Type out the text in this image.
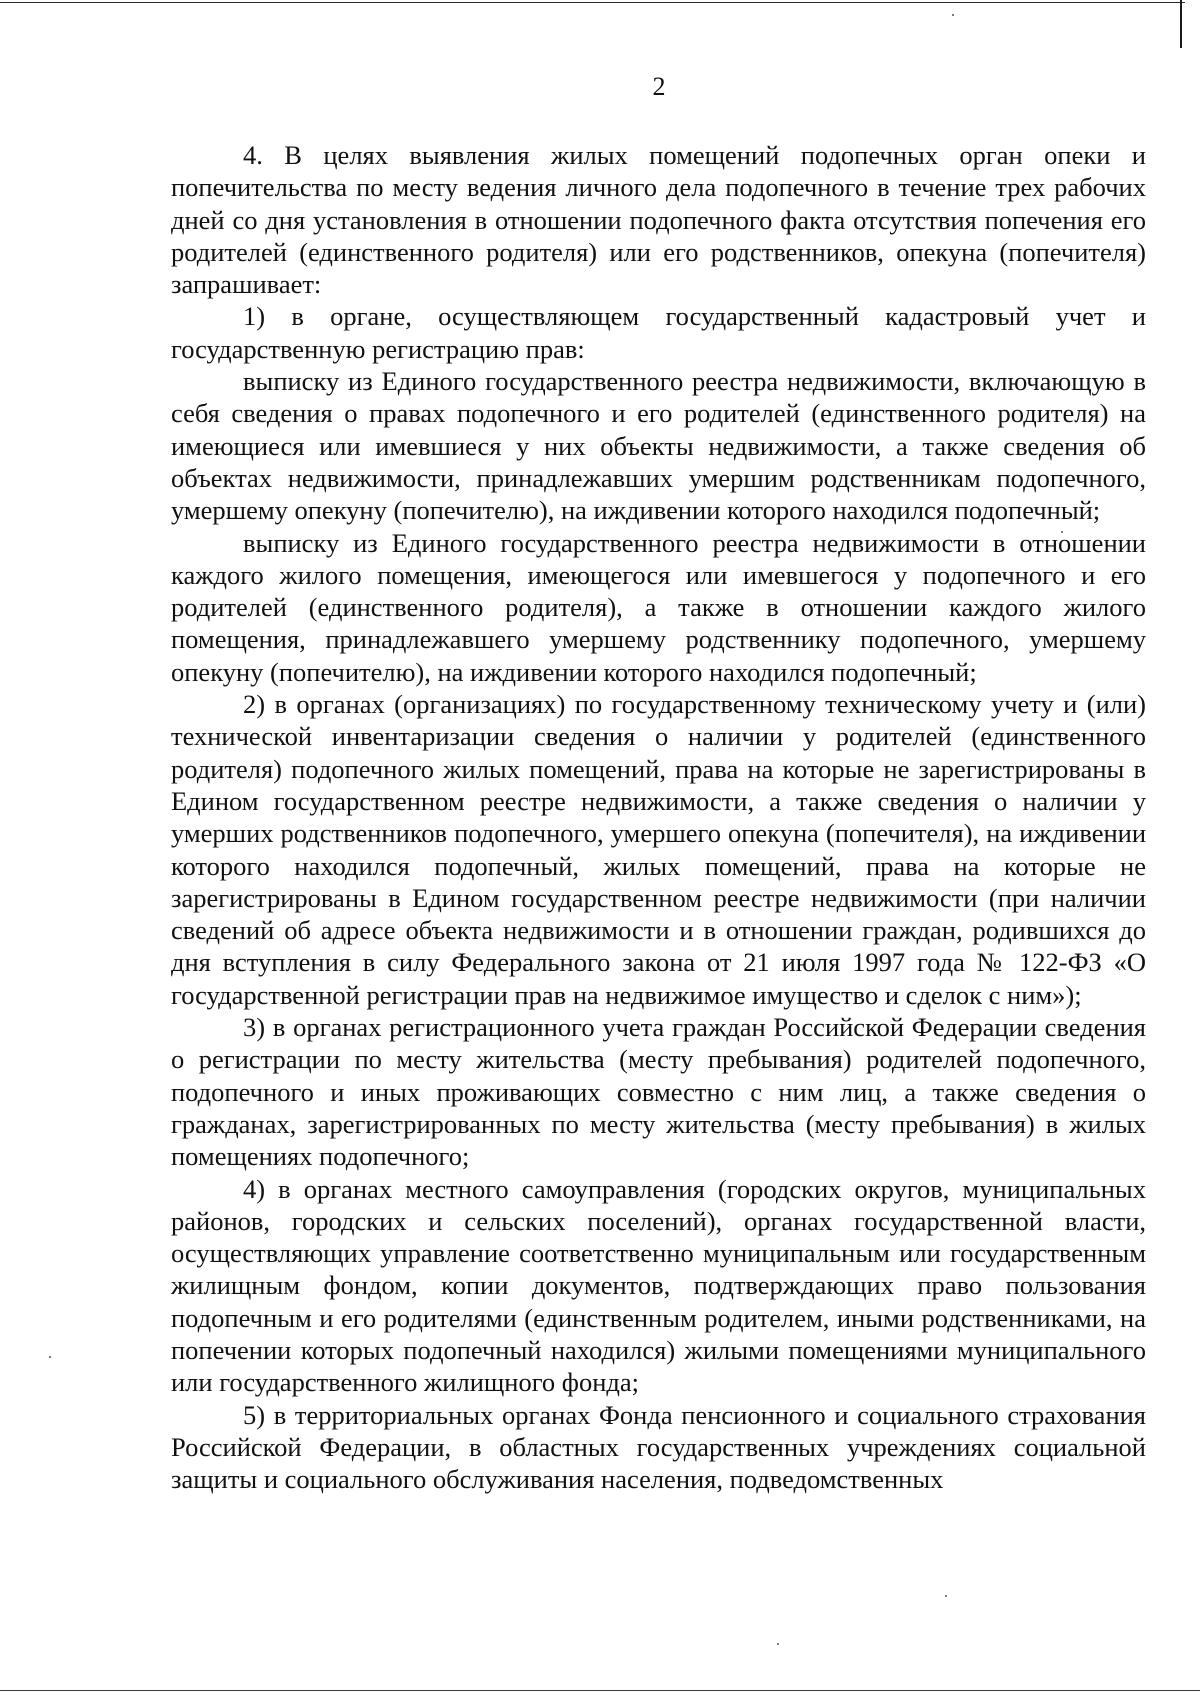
2

4. В целях выявления жилых помещений подопечных орган опеки и попечительства по месту ведения личного дела подопечного в течение трех рабочих дней со дня установления в отношении подопечного факта отсутствия попечения его родителей (единственного родителя) или его родственников, опекуна (попечителя) запрашивает:

1) в органе, осуществляющем государственный кадастровый учет и государственную регистрацию прав:

выписку из Единого государственного реестра недвижимости, включающую в себя сведения о правах подопечного и его родителей (единственного родителя) на имеющиеся или имевшиеся у них объекты недвижимости, а также сведения об объектах недвижимости, принадлежавших умершим родственникам подопечного, умершему опекуну (попечителю), на иждивении которого находился подопечный;

выписку из Единого государственного реестра недвижимости в отношении каждого жилого помещения, имеющегося или имевшегося у подопечного и его родителей (единственного родителя), а также в отношении каждого жилого помещения, принадлежавшего умершему родственнику подопечного, умершему опекуну (попечителю), на иждивении которого находился подопечный;

2) в органах (организациях) по государственному техническому учету и (или) технической инвентаризации сведения о наличии у родителей (единственного родителя) подопечного жилых помещений, права на которые не зарегистрированы в Едином государственном реестре недвижимости, а также сведения о наличии у умерших родственников подопечного, умершего опекуна (попечителя), на иждивении которого находился подопечный, жилых помещений, права на которые не зарегистрированы в Едином государственном реестре недвижимости (при наличии сведений об адресе объекта недвижимости и в отношении граждан, родившихся до дня вступления в силу Федерального закона от 21 июля 1997 года № 122-ФЗ «О государственной регистрации прав на недвижимое имущество и сделок с ним»);

3) в органах регистрационного учета граждан Российской Федерации сведения о регистрации по месту жительства (месту пребывания) родителей подопечного, подопечного и иных проживающих совместно с ним лиц, а также сведения о гражданах, зарегистрированных по месту жительства (месту пребывания) в жилых помещениях подопечного;

4) в органах местного самоуправления (городских округов, муниципальных районов, городских и сельских поселений), органах государственной власти, осуществляющих управление соответственно муниципальным или государственным жилищным фондом, копии документов, подтверждающих право пользования подопечным и его родителями (единственным родителем, иными родственниками, на попечении которых подопечный находился) жилыми помещениями муниципального или государственного жилищного фонда;

5) в территориальных органах Фонда пенсионного и социального страхования Российской Федерации, в областных государственных учреждениях социальной защиты и социального обслуживания населения, подведомственных
